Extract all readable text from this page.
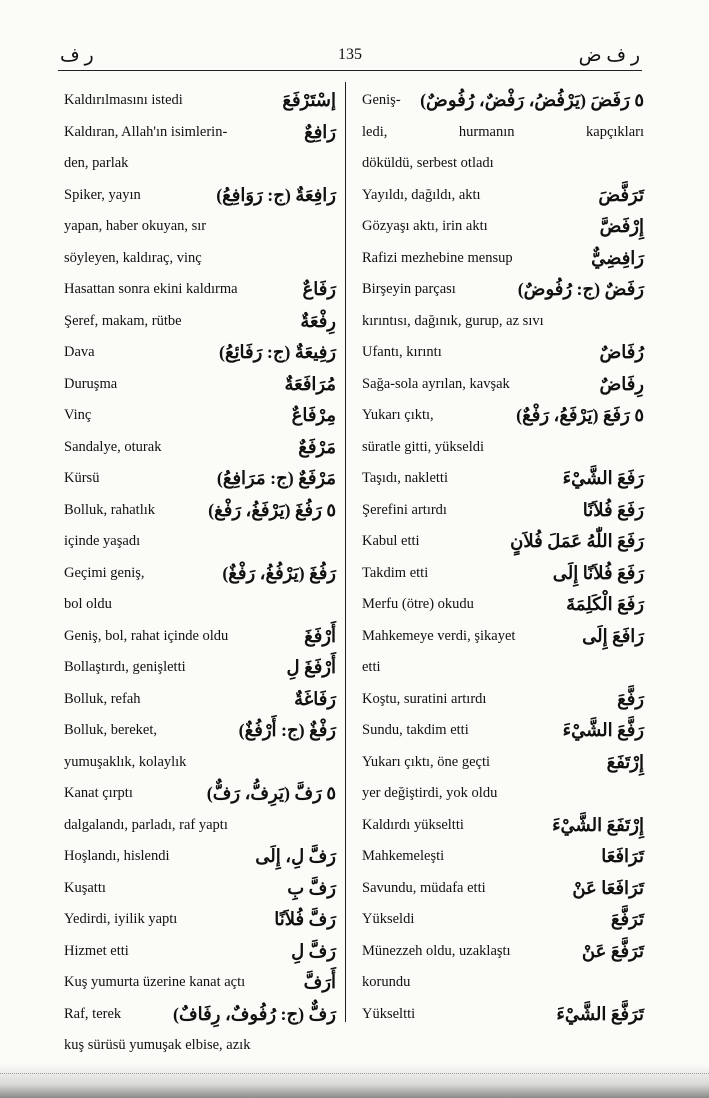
ر ف	135	ر ف ض
Kaldırılmasını istedi	إسْتَرْفَعَ
Kaldıran, Allah'ın isimlerin-	رَافِعٌ
den, parlak
Spiker, yayın	رَافِعَةٌ (ج: رَوَافِعُ)
yapan, haber okuyan, sır
söyleyen, kaldıraç, vinç
Hasattan sonra ekini kaldırma	رَفَاعٌ
Şeref, makam, rütbe	رِفْعَةٌ
Dava	رَفِيعَةٌ (ج: رَفَائِعُ)
Duruşma	مُرَافَعَةٌ
Vinç	مِرْفَاعٌ
Sandalye, oturak	مَرْفَعٌ
Kürsü	مَرْفَعٌ (ج: مَرَافِعُ)
Bolluk, rahatlık	٥ رَفُغَ (يَرْفَغُ، رَفْغ)
içinde yaşadı
Geçimi geniş,	رَفُغَ (يَرْفُغُ، رَفْغٌ)
bol oldu
Geniş, bol, rahat içinde oldu	أَرْفَغَ
Bollaştırdı, genişletti	أَرْفَغَ لِ
Bolluk, refah	رَفَاغَةٌ
Bolluk, bereket,	رَفْغٌ (ج: أَرْفُغٌ)
yumuşaklık, kolaylık
Kanat çırptı	٥ رَفَّ (يَرِفُّ، رَفٌّ)
dalgalandı, parladı, raf yaptı
Hoşlandı, hislendi	رَفَّ لِ، إِلَى
Kuşattı	رَفَّ بِ
Yedirdi, iyilik yaptı	رَفَّ فُلاَنًا
Hizmet etti	رَفَّ لِ
Kuş yumurta üzerine kanat açtı	أَرَفَّ
Raf, terek	رَفٌّ (ج: رُفُوفٌ، رِفَافٌ)
kuş sürüsü yumuşak elbise, azık
Geniş-	٥ رَفَضَ (يَرْفُضُ، رَفْضٌ، رُفُوضٌ)
ledi, hurmanın kapçıkları
döküldü, serbest otladı
Yayıldı, dağıldı, aktı	تَرَفَّضَ
Gözyaşı aktı, irin aktı	إِرْفَضَّ
Rafizi mezhebine mensup	رَافِضِيٌّ
Birşeyin parçası	رَفَضٌ (ج: رُفُوضٌ)
kırıntısı, dağınık, gurup, az sıvı
Ufantı, kırıntı	رُفَاضٌ
Sağa-sola ayrılan, kavşak	رِفَاضٌ
Yukarı çıktı,	٥ رَفَعَ (يَرْفَعُ، رَفْعٌ)
süratle gitti, yükseldi
Taşıdı, nakletti	رَفَعَ الشَّيْءَ
Şerefini artırdı	رَفَعَ فُلاَنًا
Kabul etti	رَفَعَ اللّٰهُ عَمَلَ فُلاَنٍ
Takdim etti	رَفَعَ فُلاَنًا إِلَى
Merfu (ötre) okudu	رَفَعَ الْكَلِمَةَ
Mahkemeye verdi, şikayet	رَافَعَ إِلَى
etti
Koştu, suratini artırdı	رَفَّعَ
Sundu, takdim etti	رَفَّعَ الشَّيْءَ
Yukarı çıktı, öne geçti	إِرْتَفَعَ
yer değiştirdi, yok oldu
Kaldırdı yükseltti	إِرْتَفَعَ الشَّيْءَ
Mahkemeleşti	تَرَافَعَا
Savundu, müdafa etti	تَرَافَعَا عَنْ
Yükseldi	تَرَفَّعَ
Münezzeh oldu, uzaklaştı	تَرَفَّعَ عَنْ
korundu
Yükseltti	تَرَفَّعَ الشَّيْءَ
